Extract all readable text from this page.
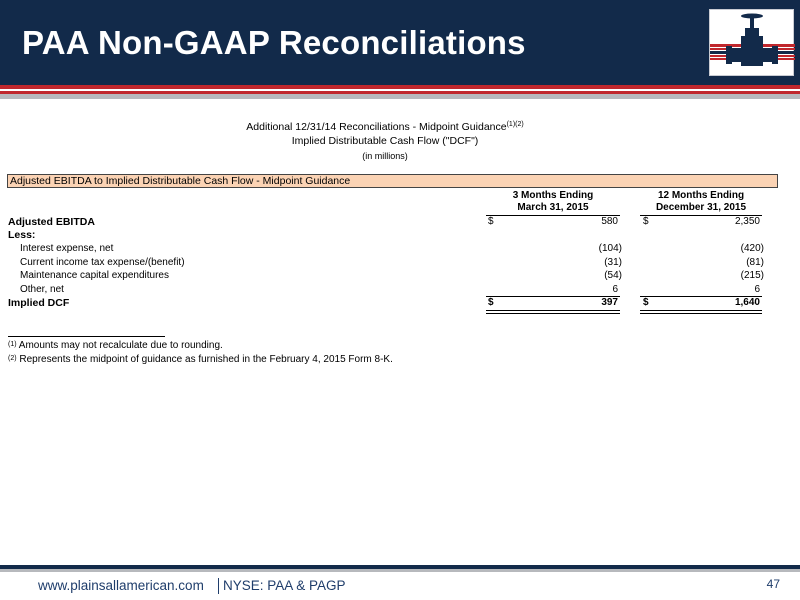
PAA Non-GAAP Reconciliations
Additional 12/31/14 Reconciliations - Midpoint Guidance$^{(1)(2)}$
Implied Distributable Cash Flow ("DCF")
(in millions)
Adjusted EBITDA to Implied Distributable Cash Flow - Midpoint Guidance
3 Months Ending
March 31, 2015
12 Months Ending
December 31, 2015
Adjusted EBITDA	$	580	$	2,350
Less:
Interest expense, net	(104)	(420)
Current income tax expense/(benefit)	(31)	(81)
Maintenance capital expenditures	(54)	(215)
Other, net	6	6
Implied DCF	$	397	$	1,640
$^{(1)}$ Amounts may not recalculate due to rounding.
$^{(2)}$ Represents the midpoint of guidance as furnished in the February 4, 2015 Form 8-K.
www.plainsallamerican.com NYSE: PAA & PAGP	47
